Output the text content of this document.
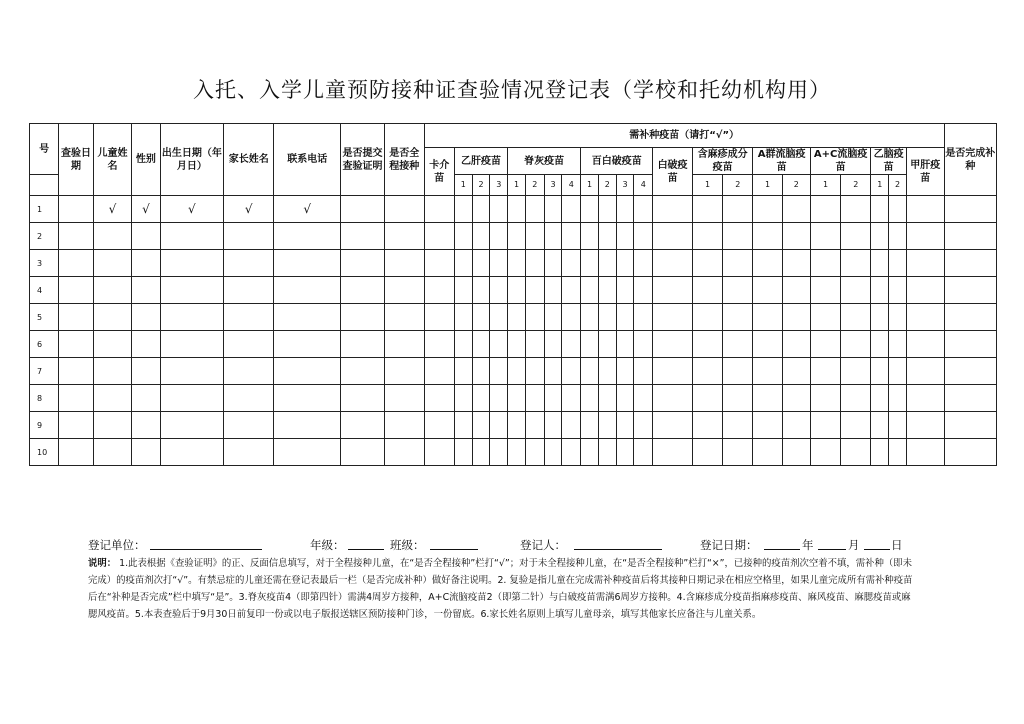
入托、入学儿童预防接种证查验情况登记表（学校和托幼机构用）
号	查验日期	儿童姓名	性别	出生日期（年月日）	家长姓名	联系电话	是否提交查验证明	是否全程接种	需补种疫苗（请打“√”）																						是否完成补种
									卡介苗	乙肝疫苗			脊灰疫苗				百白破疫苗				白破疫苗	含麻疹成分疫苗		A群流脑疫苗		A+C流脑疫苗		乙脑疫苗		甲肝疫苗	
										1	2	3	1	2	3	4	1	2	3	4		1	2	1	2	1	2	1	2		

1		√	√	√	√	√																									
2																															
3																															
4																															
5																															
6																															
7																															
8																															
9																															
10																															
登记单位：	年级：	班级：	登记人：	登记日期：	年	月	日
说明： 1.此表根据《查验证明》的正、反面信息填写，对于全程接种儿童，在“是否全程接种”栏打“√”；对于未全程接种儿童，在“是否全程接种”栏打“×”，已接种的疫苗剂次空着不填，需补种（即未完成）的疫苗剂次打“√”。有禁忌症的儿童还需在登记表最后一栏（是否完成补种）做好备注说明。2. 复验是指儿童在完成需补种疫苗后将其接种日期记录在相应空格里，如果儿童完成所有需补种疫苗后在“补种是否完成”栏中填写“是”。3.脊灰疫苗4（即第四针）需满4周岁方接种，A+C流脑疫苗2（即第二针）与白破疫苗需满6周岁方接种。4.含麻疹成分疫苗指麻疹疫苗、麻风疫苗、麻腮疫苗或麻腮风疫苗。5.本表查验后于9月30日前复印一份或以电子版报送辖区预防接种门诊，一份留底。6.家长姓名原则上填写儿童母亲，填写其他家长应备注与儿童关系。
